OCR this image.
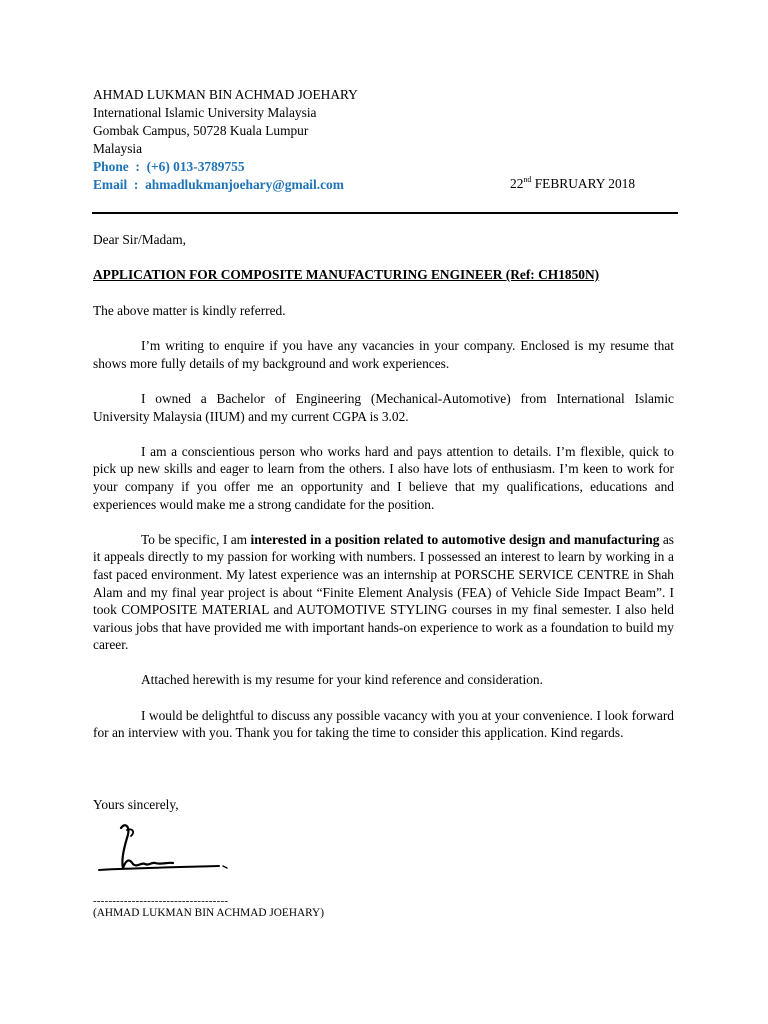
AHMAD LUKMAN BIN ACHMAD JOEHARY
International Islamic University Malaysia
Gombak Campus, 50728 Kuala Lumpur
Malaysia
Phone  :  (+6) 013-3789755
Email  :  ahmadlukmanjoehary@gmail.com	22nd FEBRUARY 2018
Dear Sir/Madam,
APPLICATION FOR COMPOSITE MANUFACTURING ENGINEER (Ref: CH1850N)

The above matter is kindly referred.

I’m writing to enquire if you have any vacancies in your company. Enclosed is my resume that shows more fully details of my background and work experiences.

I owned a Bachelor of Engineering (Mechanical-Automotive) from International Islamic University Malaysia (IIUM) and my current CGPA is 3.02.

I am a conscientious person who works hard and pays attention to details. I’m flexible, quick to pick up new skills and eager to learn from the others. I also have lots of enthusiasm. I’m keen to work for your company if you offer me an opportunity and I believe that my qualifications, educations and experiences would make me a strong candidate for the position.

To be specific, I am interested in a position related to automotive design and manufacturing as it appeals directly to my passion for working with numbers. I possessed an interest to learn by working in a fast paced environment. My latest experience was an internship at PORSCHE SERVICE CENTRE in Shah Alam and my final year project is about “Finite Element Analysis (FEA) of Vehicle Side Impact Beam”. I took COMPOSITE MATERIAL and AUTOMOTIVE STYLING courses in my final semester. I also held various jobs that have provided me with important hands-on experience to work as a foundation to build my career.

Attached herewith is my resume for your kind reference and consideration.

I would be delightful to discuss any possible vacancy with you at your convenience. I look forward for an interview with you. Thank you for taking the time to consider this application. Kind regards.

Yours sincerely,
-----------------------------------
(AHMAD LUKMAN BIN ACHMAD JOEHARY)
